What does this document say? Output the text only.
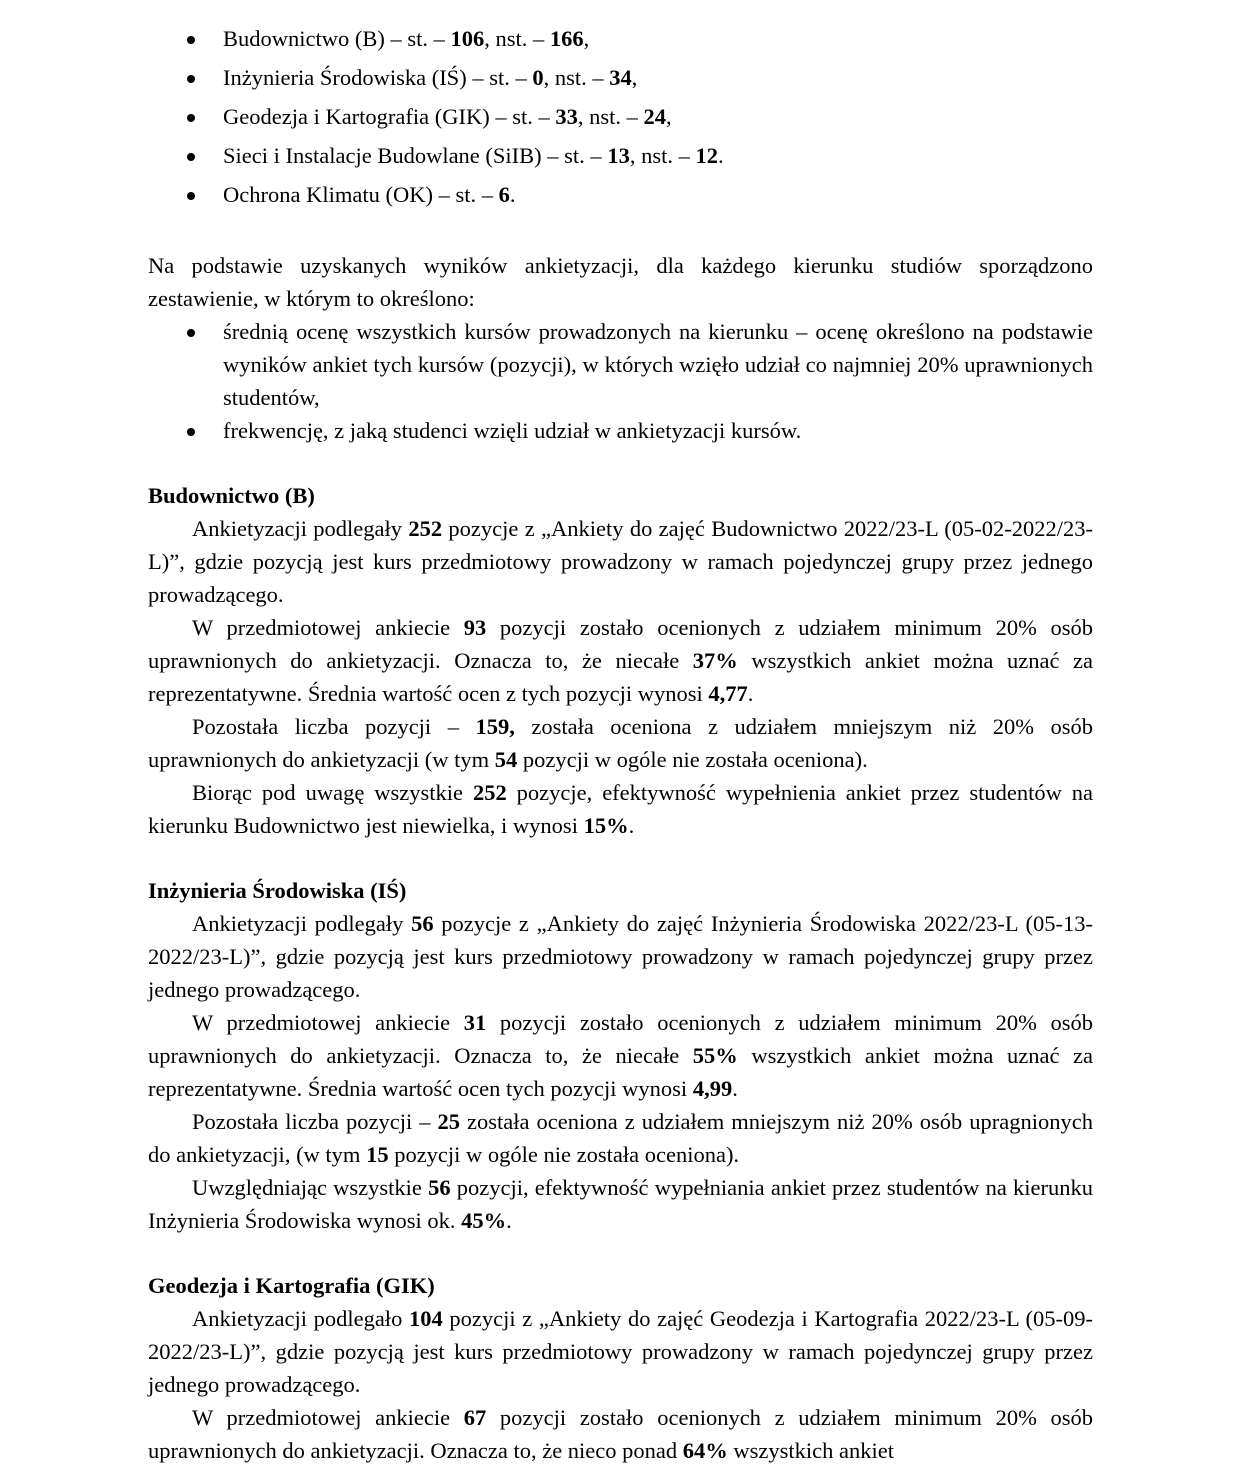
Budownictwo (B) – st. – 106, nst. – 166,
Inżynieria Środowiska (IŚ) – st. – 0, nst. – 34,
Geodezja i Kartografia (GIK) – st. – 33, nst. – 24,
Sieci i Instalacje Budowlane (SiIB) – st. – 13, nst. – 12.
Ochrona Klimatu (OK) – st. – 6.

Na podstawie uzyskanych wyników ankietyzacji, dla każdego kierunku studiów sporządzono zestawienie, w którym to określono:

średnią ocenę wszystkich kursów prowadzonych na kierunku – ocenę określono na podstawie wyników ankiet tych kursów (pozycji), w których wzięło udział co najmniej 20% uprawnionych studentów,
frekwencję, z jaką studenci wzięli udział w ankietyzacji kursów.

Budownictwo (B)

Ankietyzacji podlegały 252 pozycje z „Ankiety do zajęć Budownictwo 2022/23-L (05-02-2022/23-L)”, gdzie pozycją jest kurs przedmiotowy prowadzony w ramach pojedynczej grupy przez jednego prowadzącego.

W przedmiotowej ankiecie 93 pozycji zostało ocenionych z udziałem minimum 20% osób uprawnionych do ankietyzacji. Oznacza to, że niecałe 37% wszystkich ankiet można uznać za reprezentatywne. Średnia wartość ocen z tych pozycji wynosi 4,77.

Pozostała liczba pozycji – 159, została oceniona z udziałem mniejszym niż 20% osób uprawnionych do ankietyzacji (w tym 54 pozycji w ogóle nie została oceniona).

Biorąc pod uwagę wszystkie 252 pozycje, efektywność wypełnienia ankiet przez studentów na kierunku Budownictwo jest niewielka, i wynosi 15%.

Inżynieria Środowiska (IŚ)

Ankietyzacji podlegały 56 pozycje z „Ankiety do zajęć Inżynieria Środowiska 2022/23-L (05-13-2022/23-L)”, gdzie pozycją jest kurs przedmiotowy prowadzony w ramach pojedynczej grupy przez jednego prowadzącego.

W przedmiotowej ankiecie 31 pozycji zostało ocenionych z udziałem minimum 20% osób uprawnionych do ankietyzacji. Oznacza to, że niecałe 55% wszystkich ankiet można uznać za reprezentatywne. Średnia wartość ocen tych pozycji wynosi 4,99.

Pozostała liczba pozycji – 25 została oceniona z udziałem mniejszym niż 20% osób upragnionych do ankietyzacji, (w tym 15 pozycji w ogóle nie została oceniona).

Uwzględniając wszystkie 56 pozycji, efektywność wypełniania ankiet przez studentów na kierunku Inżynieria Środowiska wynosi ok. 45%.

Geodezja i Kartografia (GIK)

Ankietyzacji podlegało 104 pozycji z „Ankiety do zajęć Geodezja i Kartografia 2022/23-L (05-09-2022/23-L)”, gdzie pozycją jest kurs przedmiotowy prowadzony w ramach pojedynczej grupy przez jednego prowadzącego.

W przedmiotowej ankiecie 67 pozycji zostało ocenionych z udziałem minimum 20% osób uprawnionych do ankietyzacji. Oznacza to, że nieco ponad 64% wszystkich ankiet
